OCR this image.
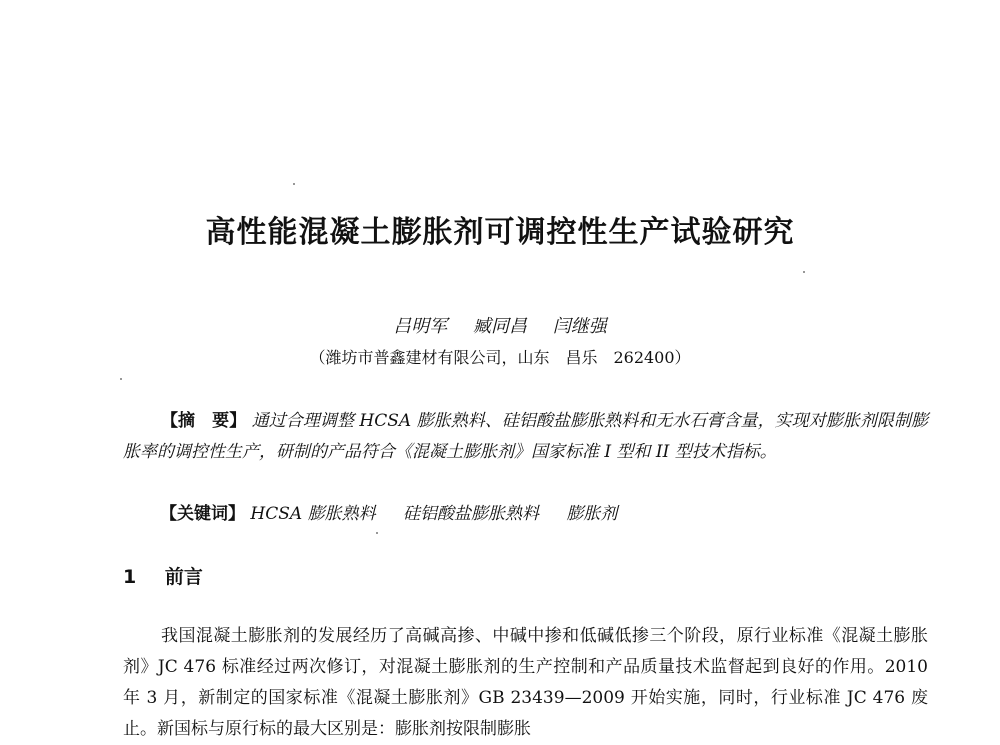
高性能混凝土膨胀剂可调控性生产试验研究
吕明军 臧同昌 闫继强
（潍坊市普鑫建材有限公司，山东　昌乐　262400）
【摘　要】 通过合理调整 HCSA 膨胀熟料、硅铝酸盐膨胀熟料和无水石膏含量，实现对膨胀剂限制膨胀率的调控性生产，研制的产品符合《混凝土膨胀剂》国家标准 I 型和 II 型技术指标。
【关键词】 HCSA 膨胀熟料 硅铝酸盐膨胀熟料 膨胀剂
1 前言
我国混凝土膨胀剂的发展经历了高碱高掺、中碱中掺和低碱低掺三个阶段，原行业标准《混凝土膨胀剂》JC 476 标准经过两次修订，对混凝土膨胀剂的生产控制和产品质量技术监督起到良好的作用。2010 年 3 月，新制定的国家标准《混凝土膨胀剂》GB 23439—2009 开始实施，同时，行业标准 JC 476 废止。新国标与原行标的最大区别是：膨胀剂按限制膨胀
